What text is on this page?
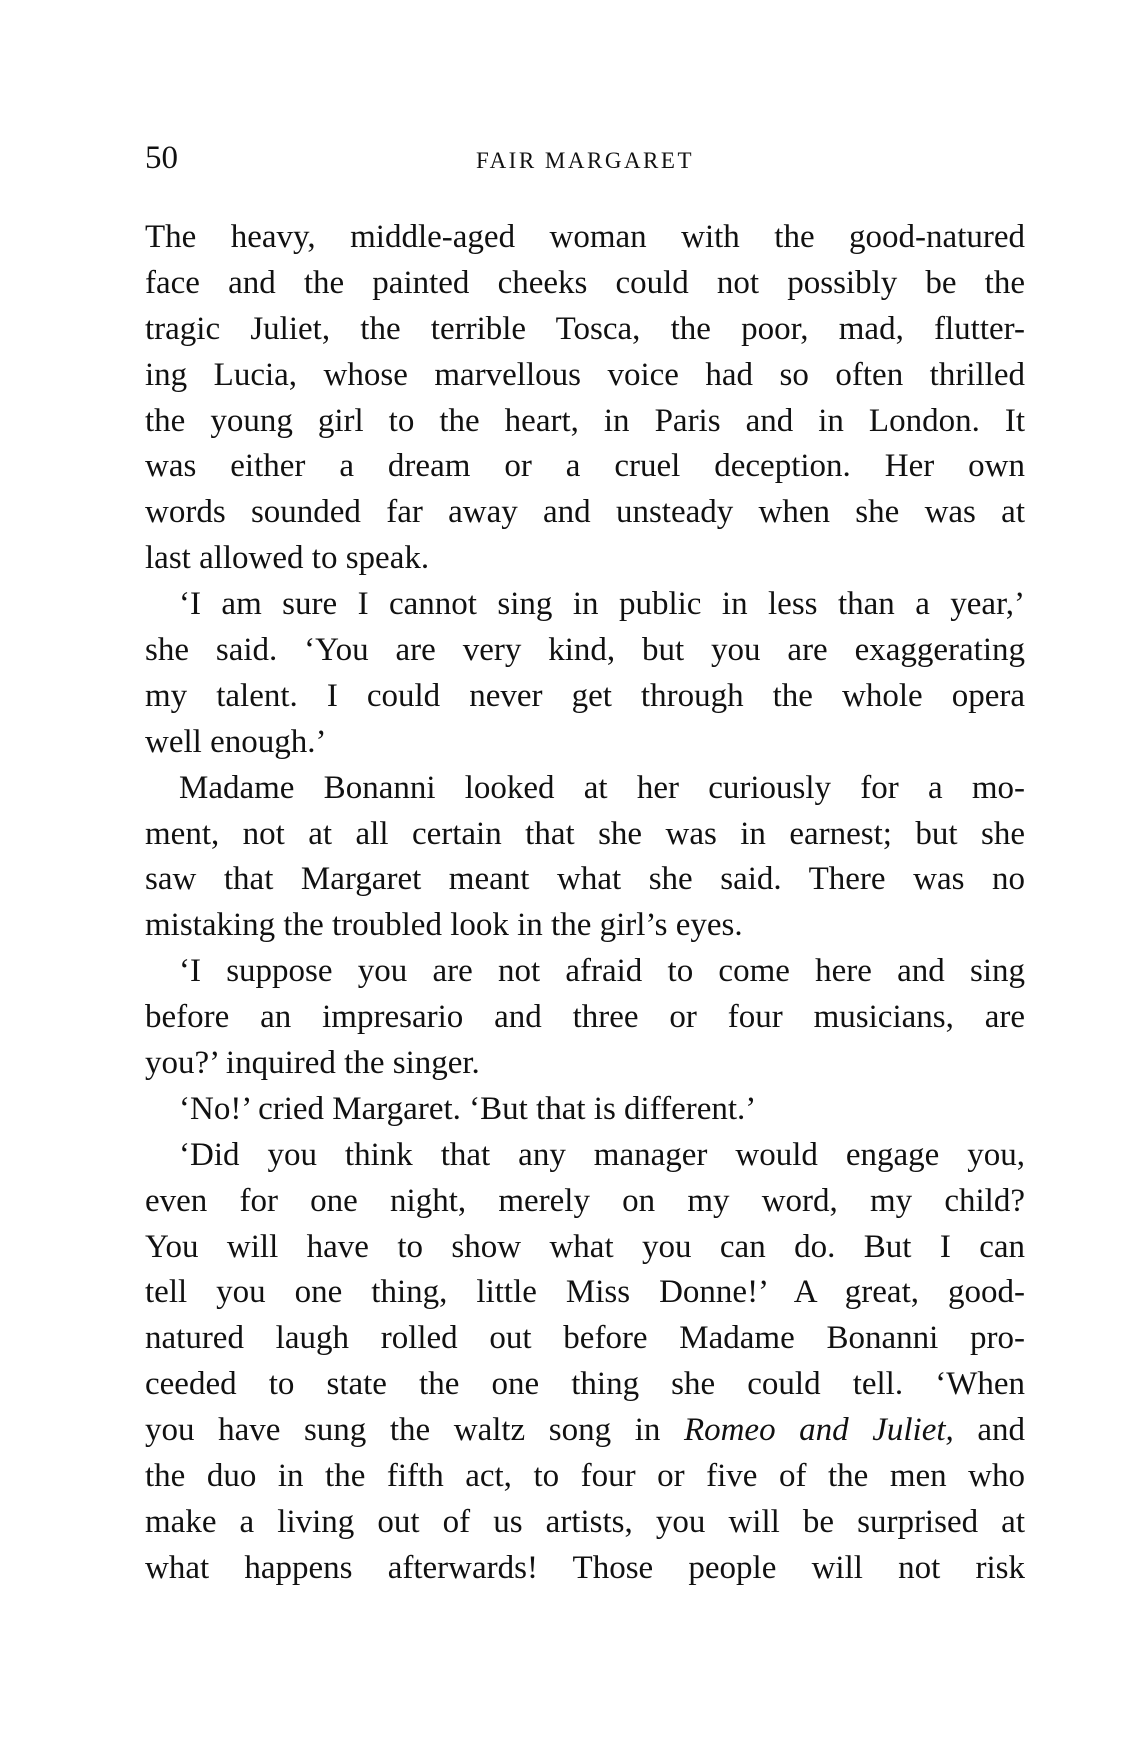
50	FAIR MARGARET
The heavy, middle-aged woman with the good-natured
face and the painted cheeks could not possibly be the
tragic Juliet, the terrible Tosca, the poor, mad, flutter-
ing Lucia, whose marvellous voice had so often thrilled
the young girl to the heart, in Paris and in London. It
was either a dream or a cruel deception. Her own
words sounded far away and unsteady when she was at
last allowed to speak.
‘I am sure I cannot sing in public in less than a year,’
she said. ‘You are very kind, but you are exaggerating
my talent. I could never get through the whole opera
well enough.’
Madame Bonanni looked at her curiously for a mo-
ment, not at all certain that she was in earnest; but she
saw that Margaret meant what she said. There was no
mistaking the troubled look in the girl’s eyes.
‘I suppose you are not afraid to come here and sing
before an impresario and three or four musicians, are
you?’ inquired the singer.
‘No!’ cried Margaret. ‘But that is different.’
‘Did you think that any manager would engage you,
even for one night, merely on my word, my child?
You will have to show what you can do. But I can
tell you one thing, little Miss Donne!’ A great, good-
natured laugh rolled out before Madame Bonanni pro-
ceeded to state the one thing she could tell. ‘When
you have sung the waltz song in Romeo and Juliet, and
the duo in the fifth act, to four or five of the men who
make a living out of us artists, you will be surprised at
what happens afterwards! Those people will not risk
